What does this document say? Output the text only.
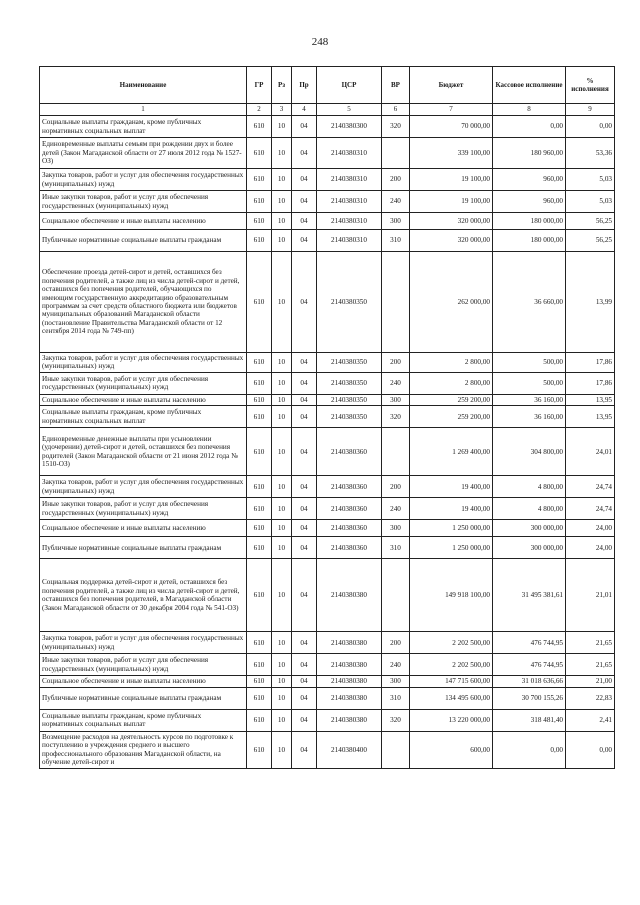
248
Наименование	ГР	Рз	Пр	ЦСР	ВР	Бюджет	Кассовое исполнение	% исполнения
1	2	3	4	5	6	7	8	9
Социальные выплаты гражданам, кроме публичных нормативных социальных выплат	610	10	04	2140380300	320	70 000,00	0,00	0,00
Единовременные выплаты семьям при рождении двух и более детей (Закон Магаданской области от 27 июля 2012 года № 1527-ОЗ)	610	10	04	2140380310		339 100,00	180 960,00	53,36
Закупка товаров, работ и услуг для обеспечения государственных (муниципальных) нужд	610	10	04	2140380310	200	19 100,00	960,00	5,03
Иные закупки товаров, работ и услуг для обеспечения государственных (муниципальных) нужд	610	10	04	2140380310	240	19 100,00	960,00	5,03
Социальное обеспечение и иные выплаты населению	610	10	04	2140380310	300	320 000,00	180 000,00	56,25
Публичные нормативные социальные выплаты гражданам	610	10	04	2140380310	310	320 000,00	180 000,00	56,25
Обеспечение проезда детей-сирот и детей, оставшихся без попечения родителей, а также лиц из числа детей-сирот и детей, оставшихся без попечения родителей, обучающихся по имеющим государственную аккредитацию образовательным программам за счет средств областного бюджета или бюджетов муниципальных образований Магаданской области (постановление Правительства Магаданской области от 12 сентября 2014 года № 749-пп)	610	10	04	2140380350		262 000,00	36 660,00	13,99
Закупка товаров, работ и услуг для обеспечения государственных (муниципальных) нужд	610	10	04	2140380350	200	2 800,00	500,00	17,86
Иные закупки товаров, работ и услуг для обеспечения государственных (муниципальных) нужд	610	10	04	2140380350	240	2 800,00	500,00	17,86
Социальное обеспечение и иные выплаты населению	610	10	04	2140380350	300	259 200,00	36 160,00	13,95
Социальные выплаты гражданам, кроме публичных нормативных социальных выплат	610	10	04	2140380350	320	259 200,00	36 160,00	13,95
Единовременные денежные выплаты при усыновлении (удочерении) детей-сирот и детей, оставшихся без попечения родителей (Закон Магаданской области от 21 июня 2012 года № 1510-ОЗ)	610	10	04	2140380360		1 269 400,00	304 800,00	24,01
Закупка товаров, работ и услуг для обеспечения государственных (муниципальных) нужд	610	10	04	2140380360	200	19 400,00	4 800,00	24,74
Иные закупки товаров, работ и услуг для обеспечения государственных (муниципальных) нужд	610	10	04	2140380360	240	19 400,00	4 800,00	24,74
Социальное обеспечение и иные выплаты населению	610	10	04	2140380360	300	1 250 000,00	300 000,00	24,00
Публичные нормативные социальные выплаты гражданам	610	10	04	2140380360	310	1 250 000,00	300 000,00	24,00
Социальная поддержка детей-сирот и детей, оставшихся без попечения родителей, а также лиц из числа детей-сирот и детей, оставшихся без попечения родителей, в Магаданской области (Закон Магаданской области от 30 декабря 2004 года № 541-ОЗ)	610	10	04	2140380380		149 918 100,00	31 495 381,61	21,01
Закупка товаров, работ и услуг для обеспечения государственных (муниципальных) нужд	610	10	04	2140380380	200	2 202 500,00	476 744,95	21,65
Иные закупки товаров, работ и услуг для обеспечения государственных (муниципальных) нужд	610	10	04	2140380380	240	2 202 500,00	476 744,95	21,65
Социальное обеспечение и иные выплаты населению	610	10	04	2140380380	300	147 715 600,00	31 018 636,66	21,00
Публичные нормативные социальные выплаты гражданам	610	10	04	2140380380	310	134 495 600,00	30 700 155,26	22,83
Социальные выплаты гражданам, кроме публичных нормативных социальных выплат	610	10	04	2140380380	320	13 220 000,00	318 481,40	2,41
Возмещение расходов на деятельность курсов по подготовке к поступлению в учреждения среднего и высшего профессионального образования Магаданской области, на обучение детей-сирот и	610	10	04	2140380400		600,00	0,00	0,00
